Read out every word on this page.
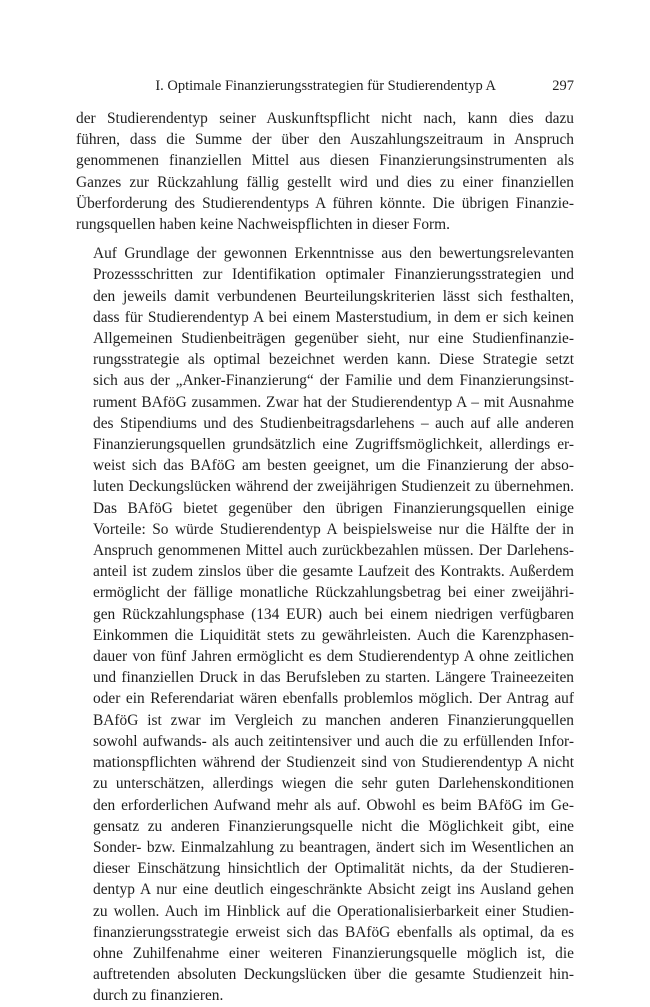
I. Optimale Finanzierungsstrategien für Studierendentyp A	297
der Studierendentyp seiner Auskunftspflicht nicht nach, kann dies dazu
führen, dass die Summe der über den Auszahlungszeitraum in Anspruch
genommenen finanziellen Mittel aus diesen Finanzierungsinstrumenten als
Ganzes zur Rückzahlung fällig gestellt wird und dies zu einer finanziellen
Überforderung des Studierendentyps A führen könnte. Die übrigen Finanzie-
rungsquellen haben keine Nachweispflichten in dieser Form.
Auf Grundlage der gewonnen Erkenntnisse aus den bewertungsrelevanten
Prozessschritten zur Identifikation optimaler Finanzierungsstrategien und
den jeweils damit verbundenen Beurteilungskriterien lässt sich festhalten,
dass für Studierendentyp A bei einem Masterstudium, in dem er sich keinen
Allgemeinen Studienbeiträgen gegenüber sieht, nur eine Studienfinanzie-
rungsstrategie als optimal bezeichnet werden kann. Diese Strategie setzt
sich aus der „Anker-Finanzierung“ der Familie und dem Finanzierungsinst-
rument BAföG zusammen. Zwar hat der Studierendentyp A – mit Ausnahme
des Stipendiums und des Studienbeitragsdarlehens – auch auf alle anderen
Finanzierungsquellen grundsätzlich eine Zugriffsmöglichkeit, allerdings er-
weist sich das BAföG am besten geeignet, um die Finanzierung der abso-
luten Deckungslücken während der zweijährigen Studienzeit zu übernehmen.
Das BAföG bietet gegenüber den übrigen Finanzierungsquellen einige
Vorteile: So würde Studierendentyp A beispielsweise nur die Hälfte der in
Anspruch genommenen Mittel auch zurückbezahlen müssen. Der Darlehens-
anteil ist zudem zinslos über die gesamte Laufzeit des Kontrakts. Außerdem
ermöglicht der fällige monatliche Rückzahlungsbetrag bei einer zweijähri-
gen Rückzahlungsphase (134 EUR) auch bei einem niedrigen verfügbaren
Einkommen die Liquidität stets zu gewährleisten. Auch die Karenzphasen-
dauer von fünf Jahren ermöglicht es dem Studierendentyp A ohne zeitlichen
und finanziellen Druck in das Berufsleben zu starten. Längere Traineezeiten
oder ein Referendariat wären ebenfalls problemlos möglich. Der Antrag auf
BAföG ist zwar im Vergleich zu manchen anderen Finanzierungquellen
sowohl aufwands- als auch zeitintensiver und auch die zu erfüllenden Infor-
mationspflichten während der Studienzeit sind von Studierendentyp A nicht
zu unterschätzen, allerdings wiegen die sehr guten Darlehenskonditionen
den erforderlichen Aufwand mehr als auf. Obwohl es beim BAföG im Ge-
gensatz zu anderen Finanzierungsquelle nicht die Möglichkeit gibt, eine
Sonder- bzw. Einmalzahlung zu beantragen, ändert sich im Wesentlichen an
dieser Einschätzung hinsichtlich der Optimalität nichts, da der Studieren-
dentyp A nur eine deutlich eingeschränkte Absicht zeigt ins Ausland gehen
zu wollen. Auch im Hinblick auf die Operationalisierbarkeit einer Studien-
finanzierungsstrategie erweist sich das BAföG ebenfalls als optimal, da es
ohne Zuhilfenahme einer weiteren Finanzierungsquelle möglich ist, die
auftretenden absoluten Deckungslücken über die gesamte Studienzeit hin-
durch zu finanzieren.
